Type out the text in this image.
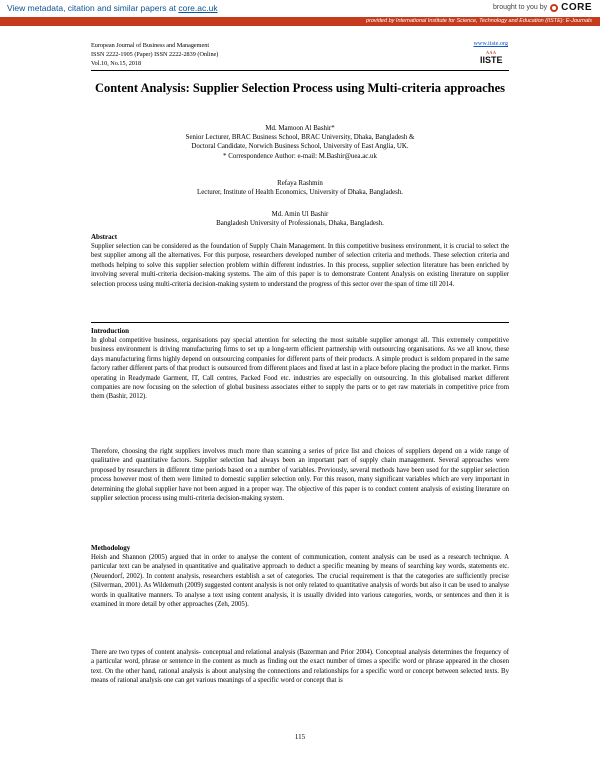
View metadata, citation and similar papers at core.ac.uk	brought to you by CORE
provided by International Institute for Science, Technology and Education (IISTE): E-Journals
European Journal of Business and Management
ISSN 2222-1905 (Paper) ISSN 2222-2839 (Online)
Vol.10, No.15, 2018
www.iiste.org
A A A
IISTE
Content Analysis: Supplier Selection Process using Multi-criteria approaches
Md. Mamoon Al Bashir*
Senior Lecturer, BRAC Business School, BRAC University, Dhaka, Bangladesh &
Doctoral Candidate, Norwich Business School, University of East Anglia, UK.
* Correspondence Author: e-mail: M.Bashir@uea.ac.uk
Refaya Rashmin
Lecturer, Institute of Health Economics, University of Dhaka, Bangladesh.
Md. Amin Ul Bashir
Bangladesh University of Professionals, Dhaka, Bangladesh.
Abstract

Supplier selection can be considered as the foundation of Supply Chain Management. In this competitive business environment, it is crucial to select the best supplier among all the alternatives. For this purpose, researchers developed number of selection criteria and methods. These selection criteria and methods helping to solve this supplier selection problem within different industries. In this process, supplier selection literature has been enriched by involving several multi-criteria decision-making systems. The aim of this paper is to demonstrate Content Analysis on existing literature on supplier selection process using multi-criteria decision-making system to understand the progress of this sector over the span of time till 2014.

Introduction

In global competitive business, organisations pay special attention for selecting the most suitable supplier amongst all. This extremely competitive business environment is driving manufacturing firms to set up a long-term efficient partnership with outsourcing organisations. As we all know, these days manufacturing firms highly depend on outsourcing companies for different parts of their products. A simple product is seldom prepared in the same factory rather different parts of that product is outsourced from different places and fixed at last in a place before placing the product in the market. Firms operating in Readymade Garment, IT, Call centres, Packed Food etc. industries are especially on outsourcing. In this globalised market different companies are now focusing on the selection of global business associates either to supply the parts or to get raw materials in competitive price from them (Bashir, 2012).

Therefore, choosing the right suppliers involves much more than scanning a series of price list and choices of suppliers depend on a wide range of qualitative and quantitative factors. Supplier selection had always been an important part of supply chain management. Several approaches were proposed by researchers in different time periods based on a number of variables. Previously, several methods have been used for the supplier selection process however most of them were limited to domestic supplier selection only. For this reason, many significant variables which are very important in determining the global supplier have not been argued in a proper way. The objective of this paper is to conduct content analysis of existing literature on supplier selection process using multi-criteria decision-making system.

Methodology

Heish and Shannon (2005) argued that in order to analyse the content of communication, content analysis can be used as a research technique. A particular text can be analysed in quantitative and qualitative approach to deduct a specific meaning by means of searching key words, statements etc. (Neuendorf, 2002). In content analysis, researchers establish a set of categories. The crucial requirement is that the categories are sufficiently precise (Silverman, 2001). As Wildemuth (2009) suggested content analysis is not only related to quantitative analysis of words but also it can be used to analyse words in qualitative manners. To analyse a text using content analysis, it is usually divided into various categories, words, or sentences and then it is examined in more detail by other approaches (Zeh, 2005).

There are two types of content analysis- conceptual and relational analysis (Bazerman and Prior 2004). Conceptual analysis determines the frequency of a particular word, phrase or sentence in the content as much as finding out the exact number of times a specific word or phrase appeared in the chosen text. On the other hand, rational analysis is about analysing the connections and relationships for a specific word or concept between selected texts. By means of rational analysis one can get various meanings of a specific word or concept that is

115
